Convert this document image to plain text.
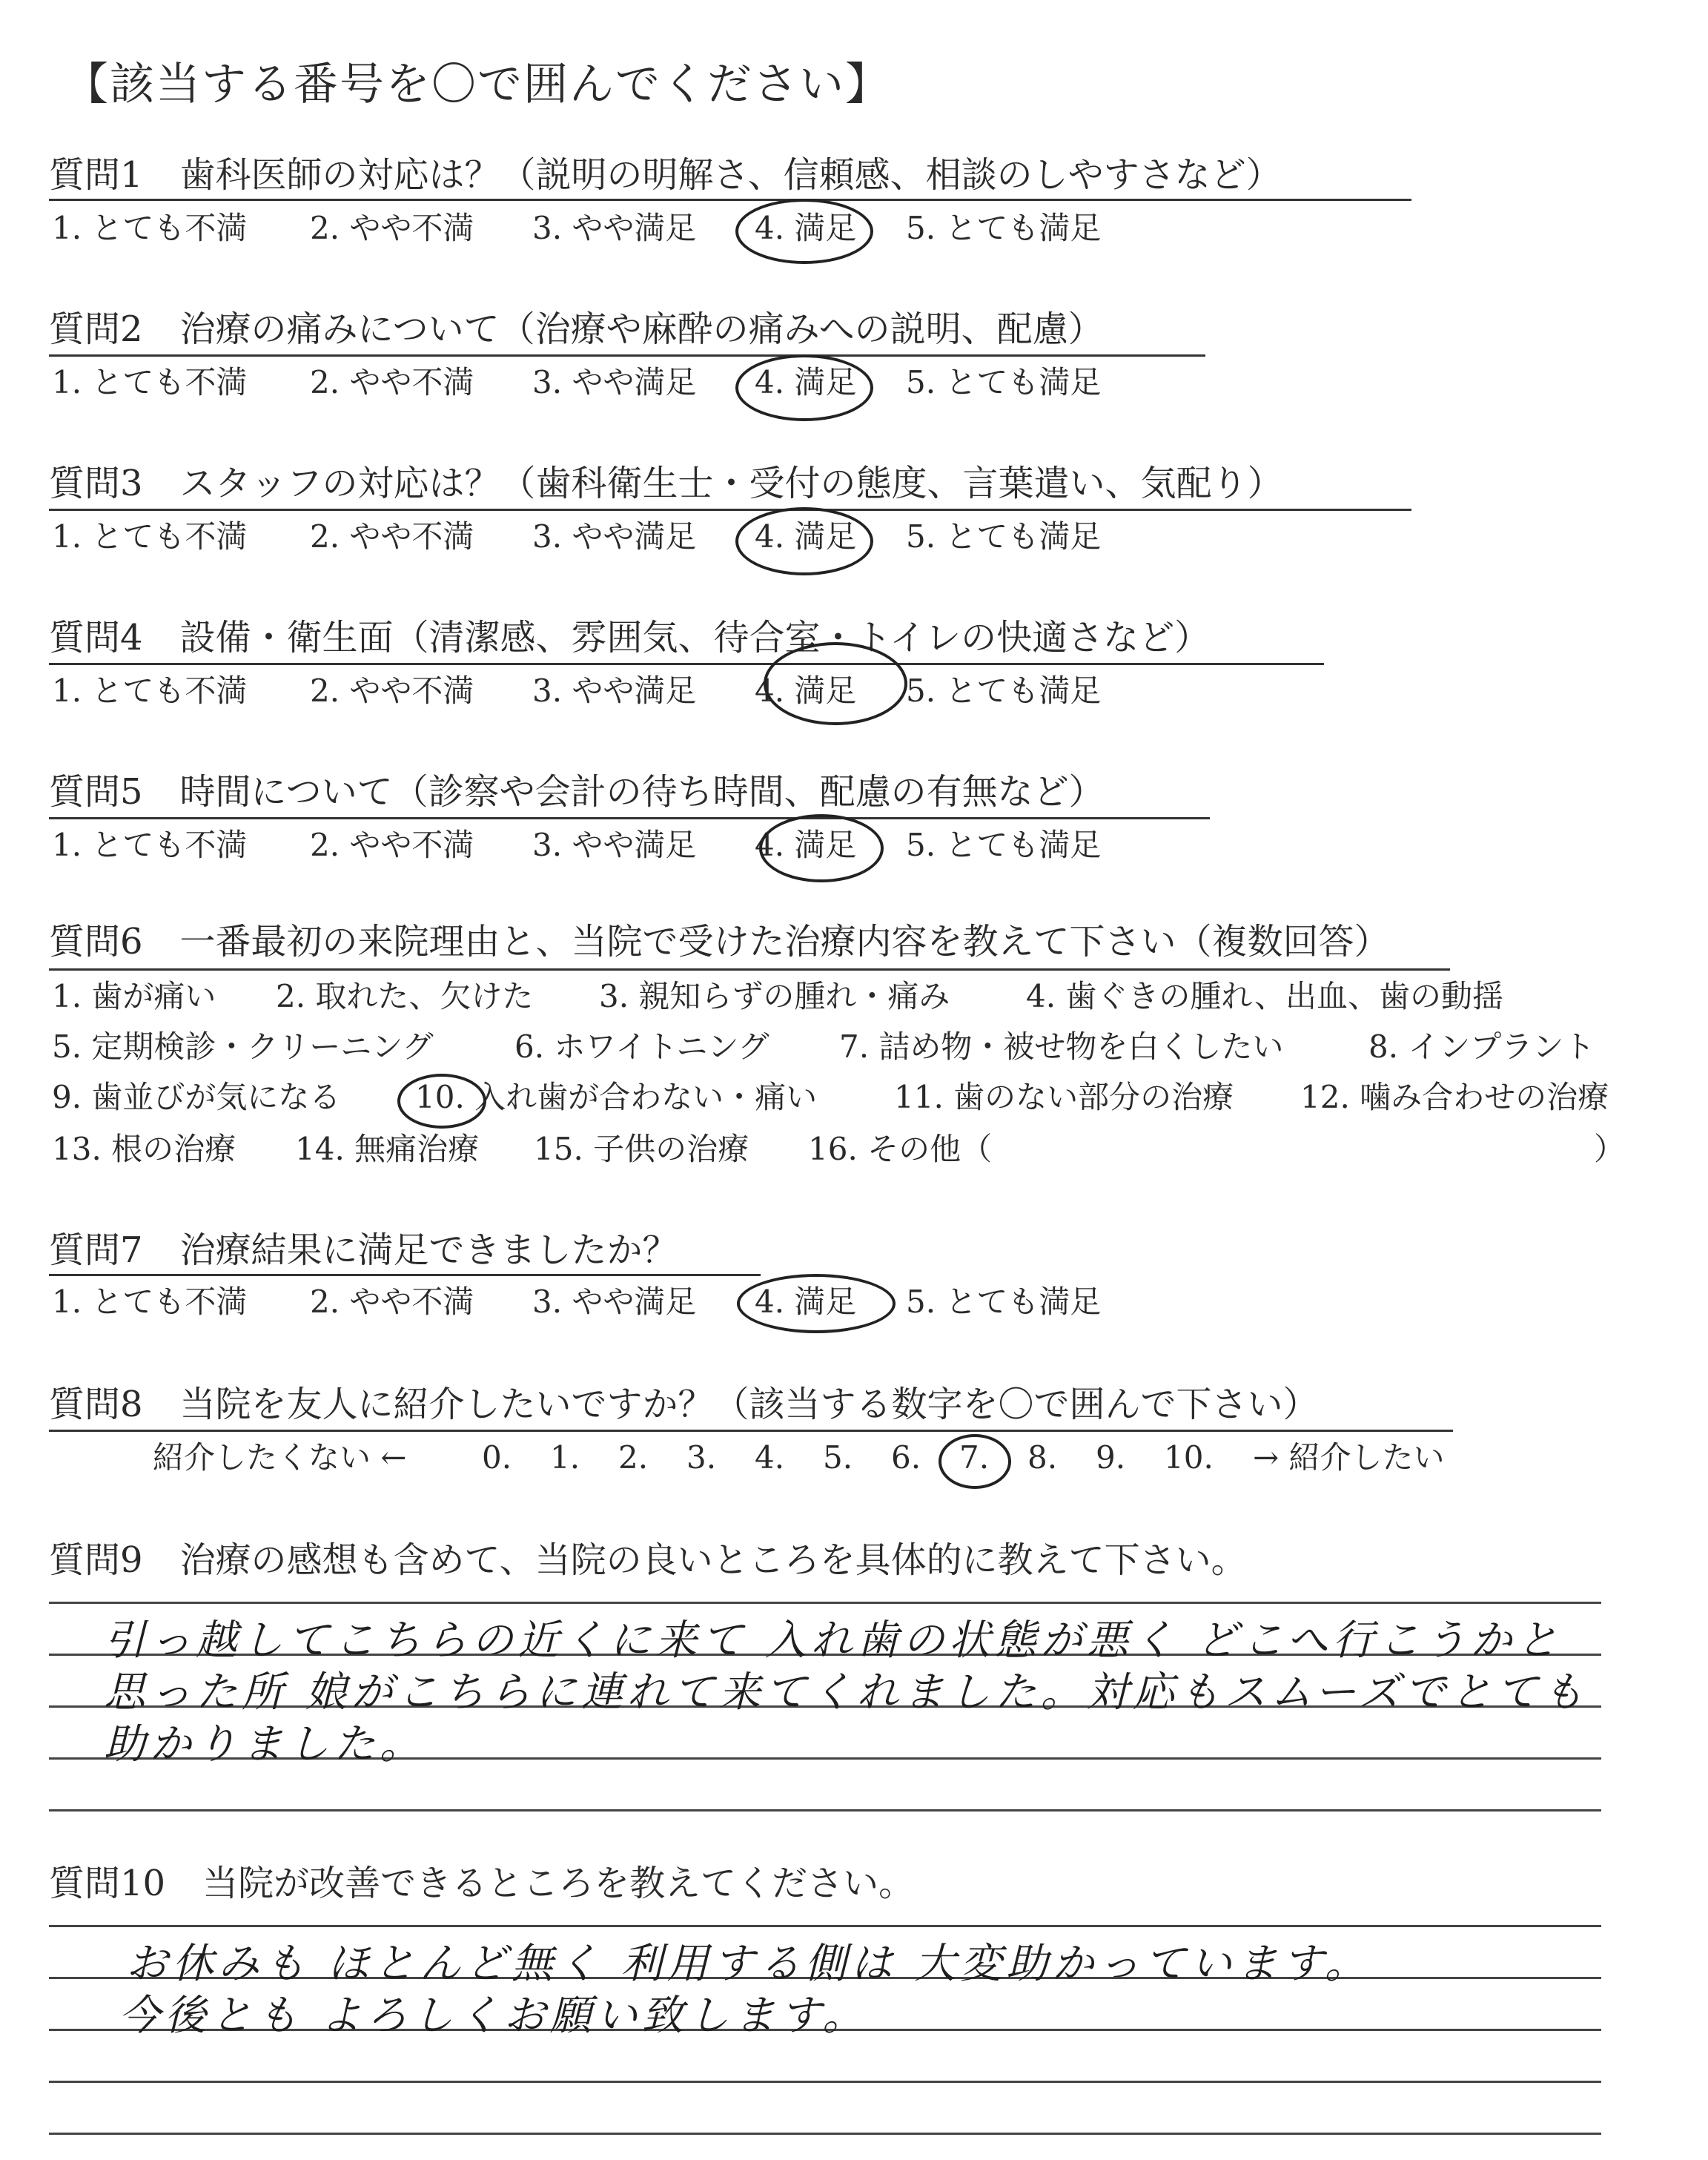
【該当する番号を〇で囲んでください】
質問1 歯科医師の対応は？（説明の明解さ、信頼感、相談のしやすさなど）
1. とても不満 2. やや不満 3. やや満足 4. 満足 5. とても満足
質問2 治療の痛みについて（治療や麻酔の痛みへの説明、配慮）
1. とても不満 2. やや不満 3. やや満足 4. 満足 5. とても満足
質問3 スタッフの対応は？（歯科衛生士・受付の態度、言葉遣い、気配り）
1. とても不満 2. やや不満 3. やや満足 4. 満足 5. とても満足
質問4 設備・衛生面（清潔感、雰囲気、待合室・トイレの快適さなど）
1. とても不満 2. やや不満 3. やや満足 4. 満足 5. とても満足
質問5 時間について（診察や会計の待ち時間、配慮の有無など）
1. とても不満 2. やや不満 3. やや満足 4. 満足 5. とても満足
質問6 一番最初の来院理由と、当院で受けた治療内容を教えて下さい（複数回答）
1. 歯が痛い 2. 取れた、欠けた 3. 親知らずの腫れ・痛み 4. 歯ぐきの腫れ、出血、歯の動揺
5. 定期検診・クリーニング	6. ホワイトニング 7. 詰め物・被せ物を白くしたい	8. インプラント
9. 歯並びが気になる 10. 入れ歯が合わない・痛い 11. 歯のない部分の治療 12. 噛み合わせの治療
13. 根の治療 14. 無痛治療 15. 子供の治療 16. その他（	）
質問7 治療結果に満足できましたか？
1. とても不満 2. やや不満 3. やや満足 4. 満足 5. とても満足
質問8 当院を友人に紹介したいですか？（該当する数字を〇で囲んで下さい）
紹介したくない ← 0. 1. 2. 3. 4. 5. 6. 7. 8. 9. 10. → 紹介したい
質問9 治療の感想も含めて、当院の良いところを具体的に教えて下さい。
引っ越してこちらの近くに来て 入れ歯の状態が悪く どこへ行こうかと
思った所 娘がこちらに連れて来てくれました。対応もスムーズでとても
助かりました。
質問10 当院が改善できるところを教えてください。
お休みも ほとんど無く 利用する側は 大変助かっています。
今後とも よろしくお願い致します。
